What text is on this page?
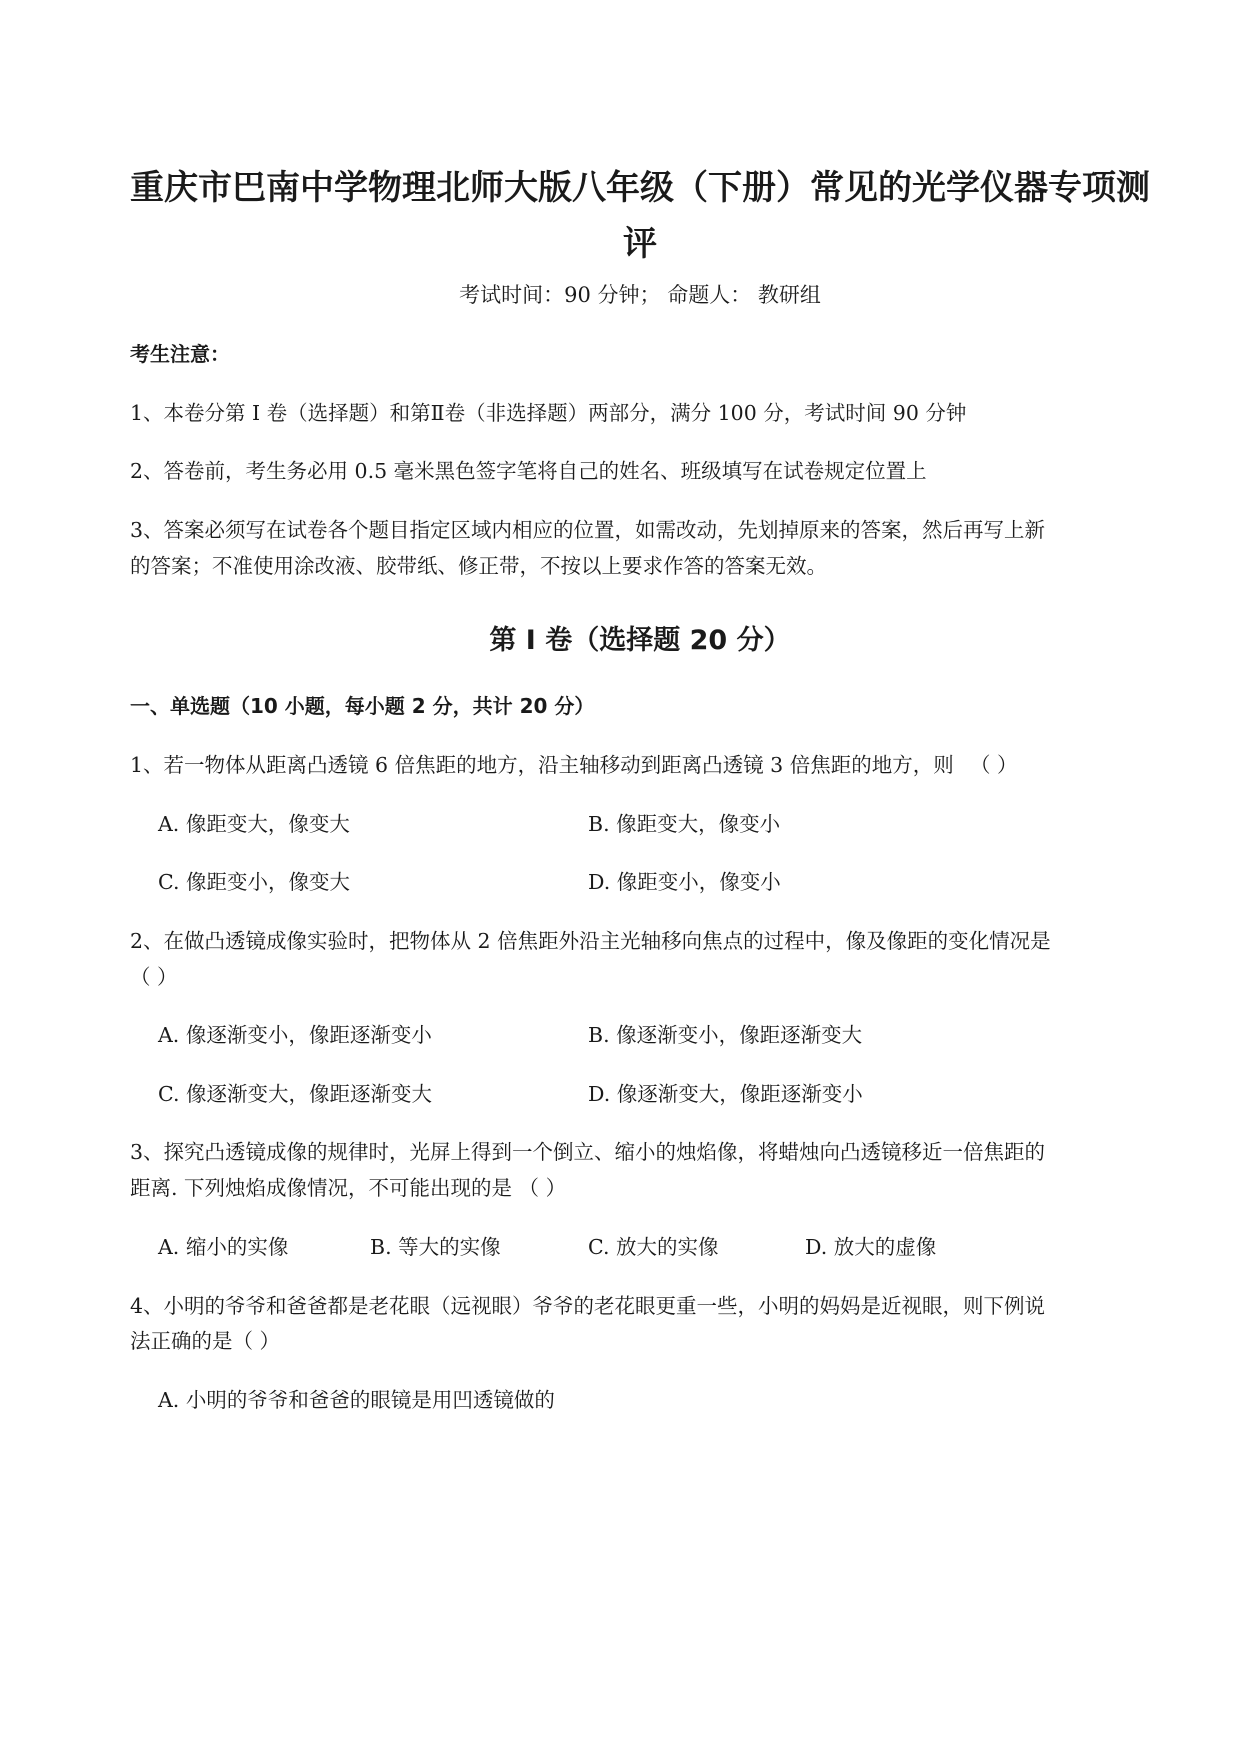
重庆市巴南中学物理北师大版八年级（下册）常见的光学仪器专项测
评
考试时间：90 分钟； 命题人： 教研组
考生注意：
1、本卷分第 I 卷（选择题）和第Ⅱ卷（非选择题）两部分，满分 100 分，考试时间 90 分钟
2、答卷前，考生务必用 0.5 毫米黑色签字笔将自己的姓名、班级填写在试卷规定位置上
3、答案必须写在试卷各个题目指定区域内相应的位置，如需改动，先划掉原来的答案，然后再写上新
的答案；不准使用涂改液、胶带纸、修正带，不按以上要求作答的答案无效。
第 I 卷（选择题 20 分）
一、单选题（10 小题，每小题 2 分，共计 20 分）
1、若一物体从距离凸透镜 6 倍焦距的地方，沿主轴移动到距离凸透镜 3 倍焦距的地方，则 （ ）
A. 像距变大，像变大	B. 像距变大，像变小
C. 像距变小，像变大	D. 像距变小，像变小
2、在做凸透镜成像实验时，把物体从 2 倍焦距外沿主光轴移向焦点的过程中，像及像距的变化情况是
（ ）
A. 像逐渐变小，像距逐渐变小	B. 像逐渐变小，像距逐渐变大
C. 像逐渐变大，像距逐渐变大	D. 像逐渐变大，像距逐渐变小
3、探究凸透镜成像的规律时，光屏上得到一个倒立、缩小的烛焰像，将蜡烛向凸透镜移近一倍焦距的
距离. 下列烛焰成像情况，不可能出现的是 （ ）
A. 缩小的实像	B. 等大的实像	C. 放大的实像	D. 放大的虚像
4、小明的爷爷和爸爸都是老花眼（远视眼）爷爷的老花眼更重一些，小明的妈妈是近视眼，则下例说
法正确的是（ ）
A. 小明的爷爷和爸爸的眼镜是用凹透镜做的
